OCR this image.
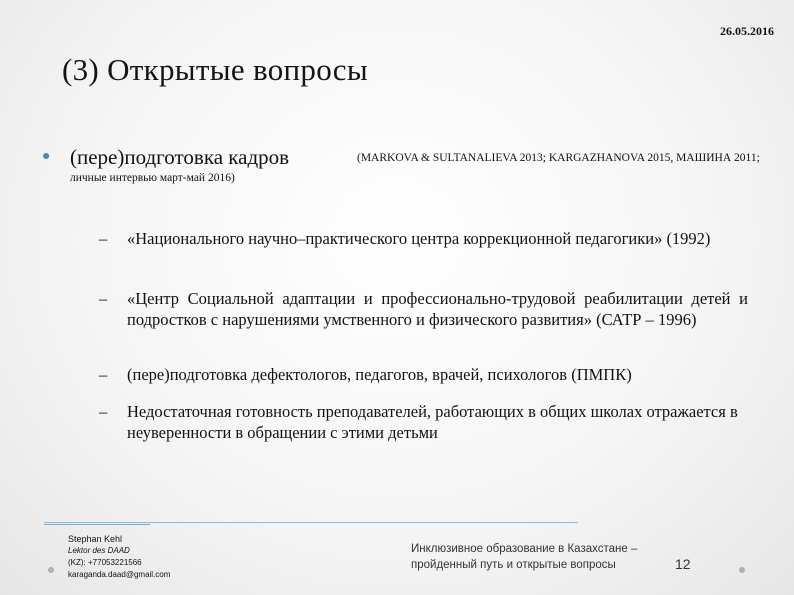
26.05.2016
(3) Открытые вопросы
● (пере)подготовка кадров	(MARKOVA & SULTANALIEVA 2013; KARGAZHANOVA 2015, МАШИНА 2011;
личные интервью март-май 2016)
– «Национального научно–практического центра коррекционной педагогики» (1992)
– «Центр Социальной адаптации и профессионально-трудовой реабилитации детей и подростков с нарушениями умственного и физического развития» (САТР – 1996)
– (пере)подготовка дефектологов, педагогов, врачей, психологов (ПМПК)
– Недостаточная готовность преподавателей, работающих в общих школах отражается в неуверенности в обращении с этими детьми
Stephan Kehl
Lektor des DAAD
(KZ): +77053221566
karaganda.daad@gmail.com
Инклюзивное образование в Казахстане –
пройденный путь и открытые вопросы	12
